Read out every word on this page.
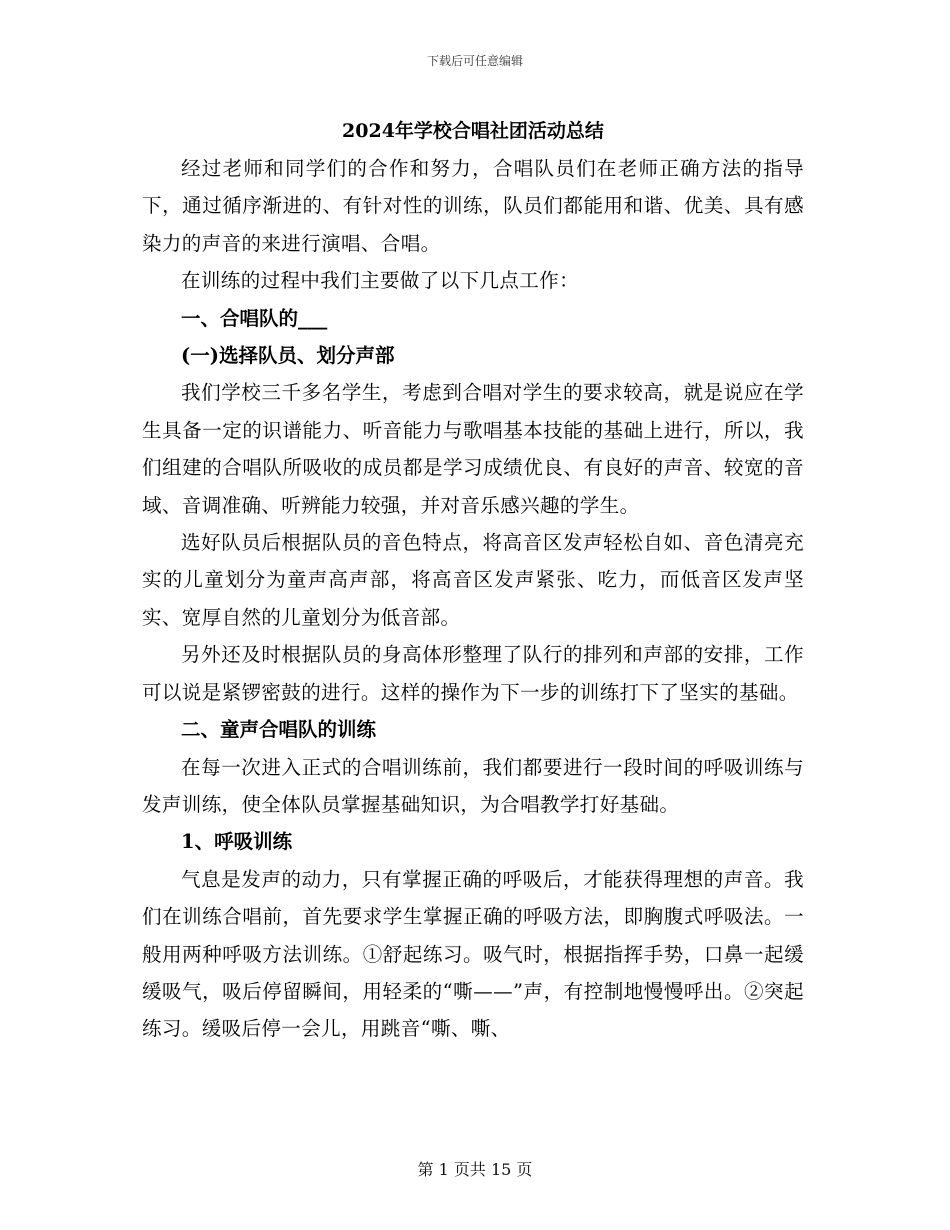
下载后可任意编辑
2024年学校合唱社团活动总结

经过老师和同学们的合作和努力，合唱队员们在老师正确方法的指导下，通过循序渐进的、有针对性的训练，队员们都能用和谐、优美、具有感染力的声音的来进行演唱、合唱。

在训练的过程中我们主要做了以下几点工作：

一、合唱队的___

(一)选择队员、划分声部

我们学校三千多名学生，考虑到合唱对学生的要求较高，就是说应在学生具备一定的识谱能力、听音能力与歌唱基本技能的基础上进行，所以，我们组建的合唱队所吸收的成员都是学习成绩优良、有良好的声音、较宽的音域、音调准确、听辨能力较强，并对音乐感兴趣的学生。

选好队员后根据队员的音色特点，将高音区发声轻松自如、音色清亮充实的儿童划分为童声高声部，将高音区发声紧张、吃力，而低音区发声坚实、宽厚自然的儿童划分为低音部。

另外还及时根据队员的身高体形整理了队行的排列和声部的安排，工作可以说是紧锣密鼓的进行。这样的操作为下一步的训练打下了坚实的基础。

二、童声合唱队的训练

在每一次进入正式的合唱训练前，我们都要进行一段时间的呼吸训练与发声训练，使全体队员掌握基础知识，为合唱教学打好基础。

1、呼吸训练

气息是发声的动力，只有掌握正确的呼吸后，才能获得理想的声音。我们在训练合唱前，首先要求学生掌握正确的呼吸方法，即胸腹式呼吸法。一般用两种呼吸方法训练。①舒起练习。吸气时，根据指挥手势，口鼻一起缓缓吸气，吸后停留瞬间，用轻柔的“嘶——”声，有控制地慢慢呼出。②突起练习。缓吸后停一会儿，用跳音“嘶、嘶、

第 1 页共 15 页
